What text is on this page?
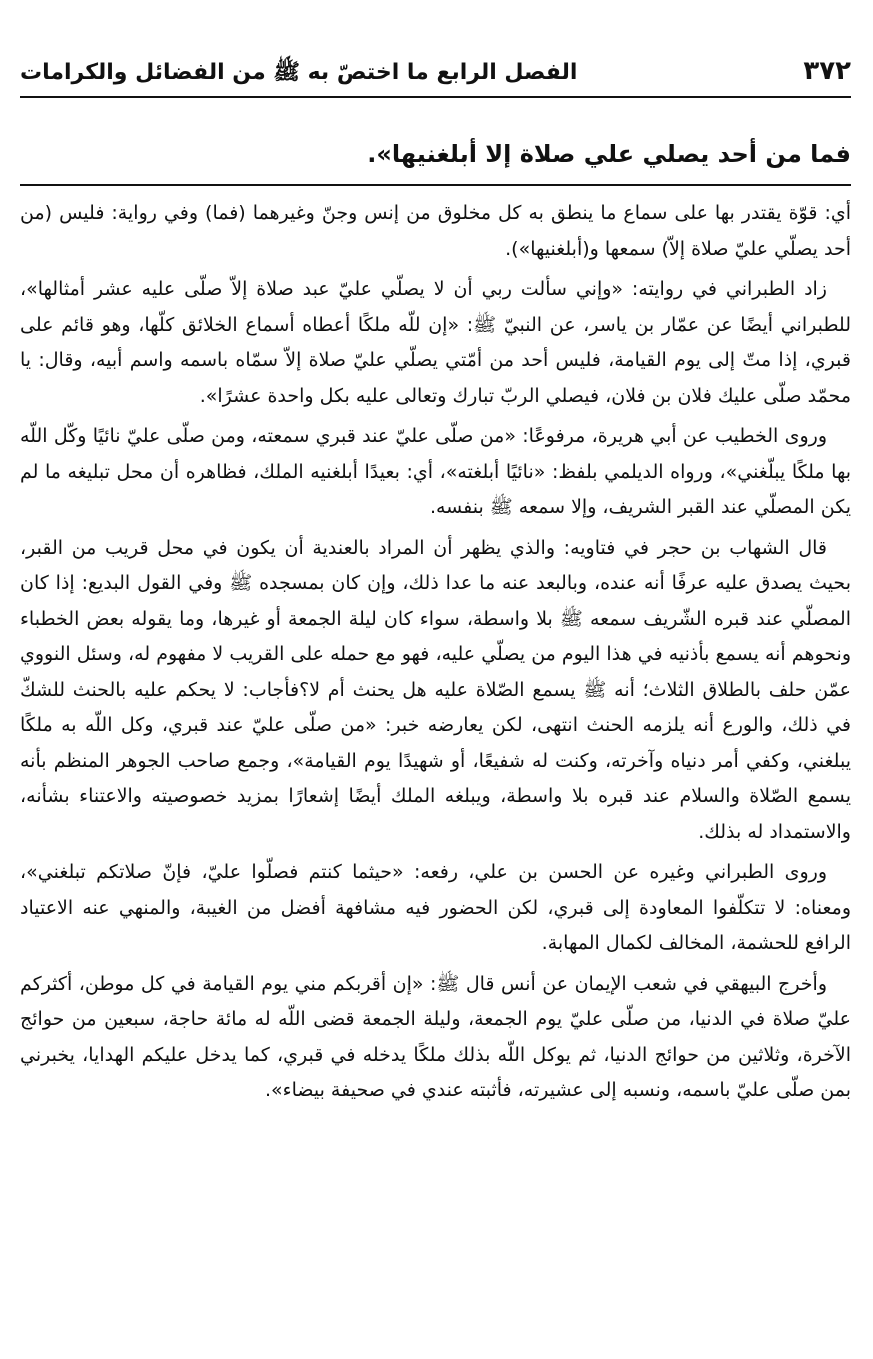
٣٧٢
الفصل الرابع ما اختصّ به ﷺ من الفضائل والكرامات
فما من أحد يصلي علي صلاة إلا أبلغنيها».

أي: قوّة يقتدر بها على سماع ما ينطق به كل مخلوق من إنس وجنّ وغيرهما (فما) وفي رواية: فليس (من أحد يصلّي عليّ صلاة إلاّ) سمعها و(أبلغنيها»).

زاد الطبراني في روايته: «وإني سألت ربي أن لا يصلّي عليّ عبد صلاة إلاّ صلّى عليه عشر أمثالها»، للطبراني أيضًا عن عمّار بن ياسر، عن النبيّ ﷺ: «إن للّه ملكًا أعطاه أسماع الخلائق كلّها، وهو قائم على قبري، إذا متّ إلى يوم القيامة، فليس أحد من أمّتي يصلّي عليّ صلاة إلاّ سمّاه باسمه واسم أبيه، وقال: يا محمّد صلّى عليك فلان بن فلان، فيصلي الربّ تبارك وتعالى عليه بكل واحدة عشرًا».

وروى الخطيب عن أبي هريرة، مرفوعًا: «من صلّى عليّ عند قبري سمعته، ومن صلّى عليّ نائيًا وكّل اللّه بها ملكًا يبلّغني»، ورواه الديلمي بلفظ: «نائيًا أبلغته»، أي: بعيدًا أبلغنيه الملك، فظاهره أن محل تبليغه ما لم يكن المصلّي عند القبر الشريف، وإلا سمعه ﷺ بنفسه.

قال الشهاب بن حجر في فتاويه: والذي يظهر أن المراد بالعندية أن يكون في محل قريب من القبر، بحيث يصدق عليه عرفًا أنه عنده، وبالبعد عنه ما عدا ذلك، وإن كان بمسجده ﷺ وفي القول البديع: إذا كان المصلّي عند قبره الشّريف سمعه ﷺ بلا واسطة، سواء كان ليلة الجمعة أو غيرها، وما يقوله بعض الخطباء ونحوهم أنه يسمع بأذنيه في هذا اليوم من يصلّي عليه، فهو مع حمله على القريب لا مفهوم له، وسئل النووي عمّن حلف بالطلاق الثلاث؛ أنه ﷺ يسمع الصّلاة عليه هل يحنث أم لا؟فأجاب: لا يحكم عليه بالحنث للشكّ في ذلك، والورع أنه يلزمه الحنث انتهى، لكن يعارضه خبر: «من صلّى عليّ عند قبري، وكل اللّه به ملكًا يبلغني، وكفي أمر دنياه وآخرته، وكنت له شفيعًا، أو شهيدًا يوم القيامة»، وجمع صاحب الجوهر المنظم بأنه يسمع الصّلاة والسلام عند قبره بلا واسطة، ويبلغه الملك أيضًا إشعارًا بمزيد خصوصيته والاعتناء بشأنه، والاستمداد له بذلك.

وروى الطبراني وغيره عن الحسن بن علي، رفعه: «حيثما كنتم فصلّوا عليّ، فإنّ صلاتكم تبلغني»، ومعناه: لا تتكلّفوا المعاودة إلى قبري، لكن الحضور فيه مشافهة أفضل من الغيبة، والمنهي عنه الاعتياد الرافع للحشمة، المخالف لكمال المهابة.

وأخرج البيهقي في شعب الإيمان عن أنس قال ﷺ: «إن أقربكم مني يوم القيامة في كل موطن، أكثركم عليّ صلاة في الدنيا، من صلّى عليّ يوم الجمعة، وليلة الجمعة قضى اللّه له مائة حاجة، سبعين من حوائج الآخرة، وثلاثين من حوائج الدنيا، ثم يوكل اللّه بذلك ملكًا يدخله في قبري، كما يدخل عليكم الهدايا، يخبرني بمن صلّى عليّ باسمه، ونسبه إلى عشيرته، فأثبته عندي في صحيفة بيضاء».
